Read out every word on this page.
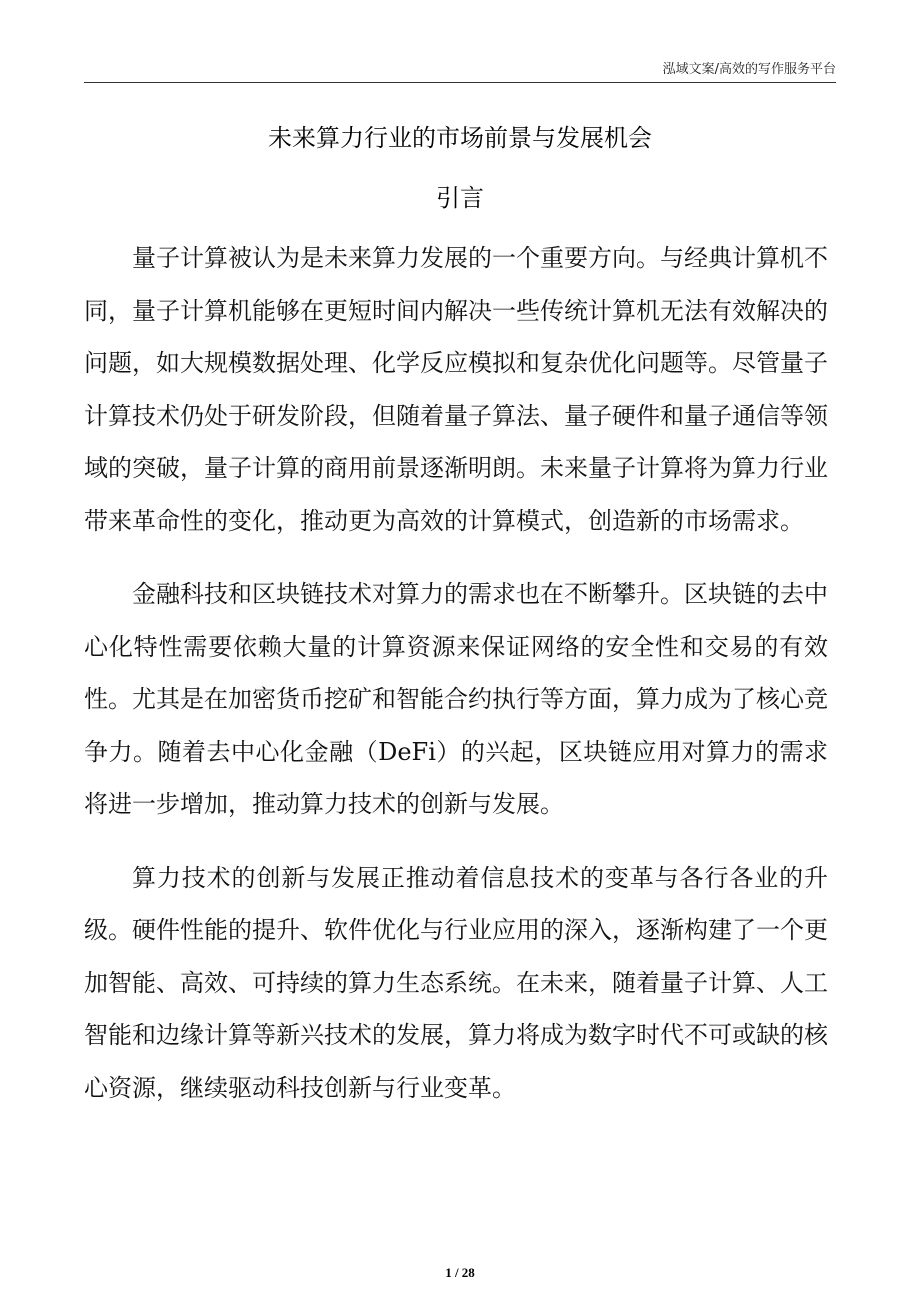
泓域文案/高效的写作服务平台
未来算力行业的市场前景与发展机会
引言

量子计算被认为是未来算力发展的一个重要方向。与经典计算机不同，量子计算机能够在更短时间内解决一些传统计算机无法有效解决的问题，如大规模数据处理、化学反应模拟和复杂优化问题等。尽管量子计算技术仍处于研发阶段，但随着量子算法、量子硬件和量子通信等领域的突破，量子计算的商用前景逐渐明朗。未来量子计算将为算力行业带来革命性的变化，推动更为高效的计算模式，创造新的市场需求。

金融科技和区块链技术对算力的需求也在不断攀升。区块链的去中心化特性需要依赖大量的计算资源来保证网络的安全性和交易的有效性。尤其是在加密货币挖矿和智能合约执行等方面，算力成为了核心竞争力。随着去中心化金融（DeFi）的兴起，区块链应用对算力的需求将进一步增加，推动算力技术的创新与发展。

算力技术的创新与发展正推动着信息技术的变革与各行各业的升级。硬件性能的提升、软件优化与行业应用的深入，逐渐构建了一个更加智能、高效、可持续的算力生态系统。在未来，随着量子计算、人工智能和边缘计算等新兴技术的发展，算力将成为数字时代不可或缺的核心资源，继续驱动科技创新与行业变革。

1 / 28
